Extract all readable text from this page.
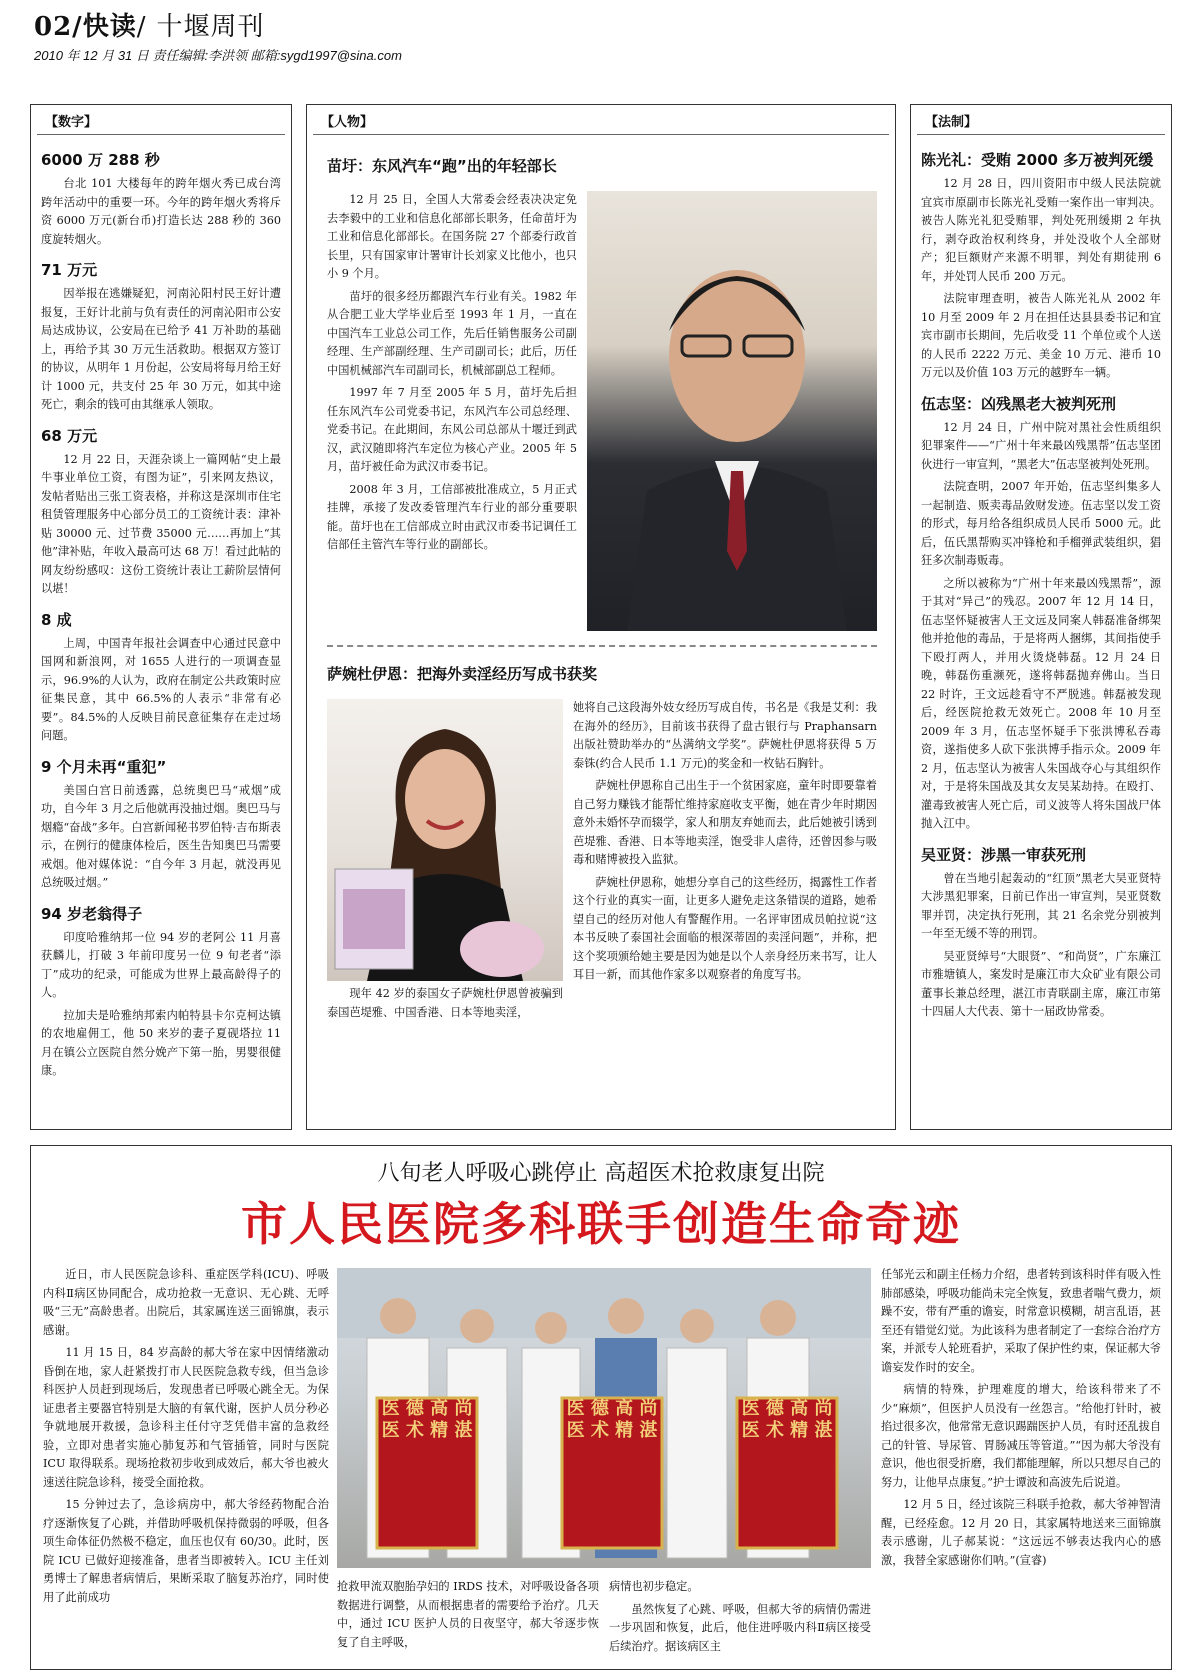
02/快读/ 十堰周刊
2010 年 12 月 31 日 责任编辑:李洪领 邮箱:sygd1997@sina.com
【数字】
6000 万 288 秒

台北 101 大楼每年的跨年烟火秀已成台湾跨年活动中的重要一环。今年的跨年烟火秀将斥资 6000 万元(新台币)打造长达 288 秒的 360 度旋转烟火。

71 万元

因举报在逃嫌疑犯，河南沁阳村民王好计遭报复，王好计北前与负有责任的河南沁阳市公安局达成协议，公安局在已给予 41 万补助的基础上，再给予其 30 万元生活救助。根据双方签订的协议，从明年 1 月份起，公安局将每月给王好计 1000 元，共支付 25 年 30 万元，如其中途死亡，剩余的钱可由其继承人领取。

68 万元

12 月 22 日，天涯杂谈上一篇网帖“史上最牛事业单位工资，有图为证”，引来网友热议，发帖者贴出三张工资表格，并称这是深圳市住宅租赁管理服务中心部分员工的工资统计表：津补贴 30000 元、过节费 35000 元……再加上“其他”津补贴，年收入最高可达 68 万！看过此帖的网友纷纷感叹：这份工资统计表让工薪阶层情何以堪！

8 成

上周，中国青年报社会调查中心通过民意中国网和新浪网，对 1655 人进行的一项调查显示，96.9%的人认为，政府在制定公共政策时应征集民意，其中 66.5%的人表示“非常有必要”。84.5%的人反映目前民意征集存在走过场问题。

9 个月未再“重犯”

美国白宫日前透露，总统奥巴马“戒烟”成功，自今年 3 月之后他就再没抽过烟。奥巴马与烟瘾“奋战”多年。白宫新闻秘书罗伯特·吉布斯表示，在例行的健康体检后，医生告知奥巴马需要戒烟。他对媒体说：“自今年 3 月起，就没再见总统吸过烟。”

94 岁老翁得子

印度哈雅纳邦一位 94 岁的老阿公 11 月喜获麟儿，打破 3 年前印度另一位 9 旬老者“添丁”成功的纪录，可能成为世界上最高龄得子的人。

拉加夫是哈雅纳邦索内帕特县卡尔克柯达镇的农地雇佣工，他 50 来岁的妻子夏砚塔拉 11 月在镇公立医院自然分娩产下第一胎，男婴很健康。

【人物】
苗圩：东风汽车“跑”出的年轻部长

12 月 25 日，全国人大常委会经表决决定免去李毅中的工业和信息化部部长职务，任命苗圩为工业和信息化部部长。在国务院 27 个部委行政首长里，只有国家审计署审计长刘家义比他小，也只小 9 个月。

苗圩的很多经历都跟汽车行业有关。1982 年从合肥工业大学毕业后至 1993 年 1 月，一直在中国汽车工业总公司工作，先后任销售服务公司副经理、生产部副经理、生产司副司长；此后，历任中国机械部汽车司副司长，机械部副总工程师。

1997 年 7 月至 2005 年 5 月，苗圩先后担任东风汽车公司党委书记，东风汽车公司总经理、党委书记。在此期间，东风公司总部从十堰迁到武汉，武汉随即将汽车定位为核心产业。2005 年 5 月，苗圩被任命为武汉市委书记。

2008 年 3 月，工信部被批准成立，5 月正式挂牌，承接了发改委管理汽车行业的部分重要职能。苗圩也在工信部成立时由武汉市委书记调任工信部任主管汽车等行业的副部长。

萨婉杜伊恩：把海外卖淫经历写成书获奖

现年 42 岁的泰国女子萨婉杜伊恩曾被骗到泰国芭堤雅、中国香港、日本等地卖淫，

她将自己这段海外妓女经历写成自传，书名是《我是艾利：我在海外的经历》，目前该书获得了盘古银行与 Praphansarn 出版社赞助举办的“丛满纳文学奖”。萨婉杜伊恩将获得 5 万泰铢(约合人民币 1.1 万元)的奖金和一枚钻石胸针。

萨婉杜伊恩称自己出生于一个贫困家庭，童年时即要靠着自己努力赚钱才能帮忙维持家庭收支平衡，她在青少年时期因意外未婚怀孕而辍学，家人和朋友弃她而去，此后她被引诱到芭堤雅、香港、日本等地卖淫，饱受非人虐待，还曾因参与吸毒和赌博被投入监狱。

萨婉杜伊恩称，她想分享自己的这些经历，揭露性工作者这个行业的真实一面，让更多人避免走这条错误的道路，她希望自己的经历对他人有警醒作用。一名评审团成员帕拉说“这本书反映了泰国社会面临的根深蒂固的卖淫问题”，并称，把这个奖项颁给她主要是因为她是以个人亲身经历来书写，让人耳目一新，而其他作家多以观察者的角度写书。

【法制】
陈光礼：受贿 2000 多万被判死缓

12 月 28 日，四川资阳市中级人民法院就宜宾市原副市长陈光礼受贿一案作出一审判决。被告人陈光礼犯受贿罪，判处死刑缓期 2 年执行，剥夺政治权利终身，并处没收个人全部财产；犯巨额财产来源不明罪，判处有期徒刑 6 年，并处罚人民币 200 万元。

法院审理查明，被告人陈光礼从 2002 年 10 月至 2009 年 2 月在担任达县县委书记和宜宾市副市长期间，先后收受 11 个单位或个人送的人民币 2222 万元、美金 10 万元、港币 10 万元以及价值 103 万元的越野车一辆。

伍志坚：凶残黑老大被判死刑

12 月 24 日，广州中院对黑社会性质组织犯罪案件——“广州十年来最凶残黑帮”伍志坚团伙进行一审宣判，“黑老大”伍志坚被判处死刑。

法院查明，2007 年开始，伍志坚纠集多人一起制造、贩卖毒品敛财发迹。伍志坚以发工资的形式，每月给各组织成员人民币 5000 元。此后，伍氏黑帮购买冲锋枪和手榴弹武装组织，猖狂多次制毒贩毒。

之所以被称为“广州十年来最凶残黑帮”，源于其对“异己”的残忍。2007 年 12 月 14 日，伍志坚怀疑被害人王文远及同案人韩磊准备绑架他并抢他的毒品，于是将两人捆绑，其间指使手下殴打两人，并用火烫烧韩磊。12 月 24 日晚，韩磊伤重濒死，遂将韩磊抛弃佛山。当日 22 时许，王文远趁看守不严脱逃。韩磊被发现后，经医院抢救无效死亡。2008 年 10 月至 2009 年 3 月，伍志坚怀疑手下张洪博私吞毒资，遂指使多人砍下张洪博手指示众。2009 年 2 月，伍志坚认为被害人朱国战夺心与其组织作对，于是将朱国战及其女友吴某劫持。在殴打、灌毒致被害人死亡后，司义波等人将朱国战尸体抛入江中。

吴亚贤：涉黑一审获死刑

曾在当地引起轰动的“红顶”黑老大吴亚贤特大涉黑犯罪案，日前已作出一审宣判，吴亚贤数罪并罚，决定执行死刑，其 21 名余党分别被判一年至无缓不等的刑罚。

吴亚贤绰号“大眼贤”、“和尚贤”，广东廉江市雅塘镇人，案发时是廉江市大众矿业有限公司董事长兼总经理，湛江市青联副主席，廉江市第十四届人大代表、第十一届政协常委。

八旬老人呼吸心跳停止 高超医术抢救康复出院
市人民医院多科联手创造生命奇迹

近日，市人民医院急诊科、重症医学科(ICU)、呼吸内科Ⅱ病区协同配合，成功抢救一无意识、无心跳、无呼吸“三无”高龄患者。出院后，其家属连送三面锦旗，表示感谢。

11 月 15 日，84 岁高龄的郝大爷在家中因情绪激动昏倒在地，家人赶紧拨打市人民医院急救专线，但当急诊科医护人员赶到现场后，发现患者已呼吸心跳全无。为保证患者主要器官特别是大脑的有氧代谢，医护人员分秒必争就地展开救援，急诊科主任付守芝凭借丰富的急救经验，立即对患者实施心肺复苏和气管插管，同时与医院 ICU 取得联系。现场抢救初步收到成效后，郝大爷也被火速送往院急诊科，接受全面抢救。

15 分钟过去了，急诊病房中，郝大爷经药物配合治疗逐渐恢复了心跳，并借助呼吸机保持微弱的呼吸，但各项生命体征仍然极不稳定，血压也仅有 60/30。此时，医院 ICU 已做好迎接准备，患者当即被转入。ICU 主任刘勇博士了解患者病情后，果断采取了脑复苏治疗，同时使用了此前成功

医 德 高 尚
医 术 精 湛
医 德 高 尚
医 术 精 湛
医 德 高 尚
医 术 精 湛

抢救甲流双胞胎孕妇的 IRDS 技术，对呼吸设备各项数据进行调整，从而根据患者的需要给予治疗。几天中，通过 ICU 医护人员的日夜坚守，郝大爷逐步恢复了自主呼吸，

病情也初步稳定。

虽然恢复了心跳、呼吸，但郝大爷的病情仍需进一步巩固和恢复，此后，他住进呼吸内科Ⅱ病区接受后续治疗。据该病区主

任邹光云和副主任杨力介绍，患者转到该科时伴有吸入性肺部感染，呼吸功能尚未完全恢复，致患者喘气费力，烦躁不安，带有严重的谵妄，时常意识模糊，胡言乱语，甚至还有错觉幻觉。为此该科为患者制定了一套综合治疗方案，并派专人轮班看护，采取了保护性约束，保证郝大爷谵妄发作时的安全。

病情的特殊，护理难度的增大，给该科带来了不少“麻烦”，但医护人员没有一丝怨言。“给他打针时，被掐过很多次，他常常无意识踢踹医护人员，有时还乱拔自己的针管、导尿管、胃肠减压等管道。”“因为郝大爷没有意识，他也很受折磨，我们都能理解，所以只想尽自己的努力，让他早点康复。”护士谭波和高波先后说道。

12 月 5 日，经过该院三科联手抢救，郝大爷神智清醒，已经痊愈。12 月 20 日，其家属特地送来三面锦旗表示感谢，儿子郝某说：“这远远不够表达我内心的感激，我替全家感谢你们呐。”(宣睿)
